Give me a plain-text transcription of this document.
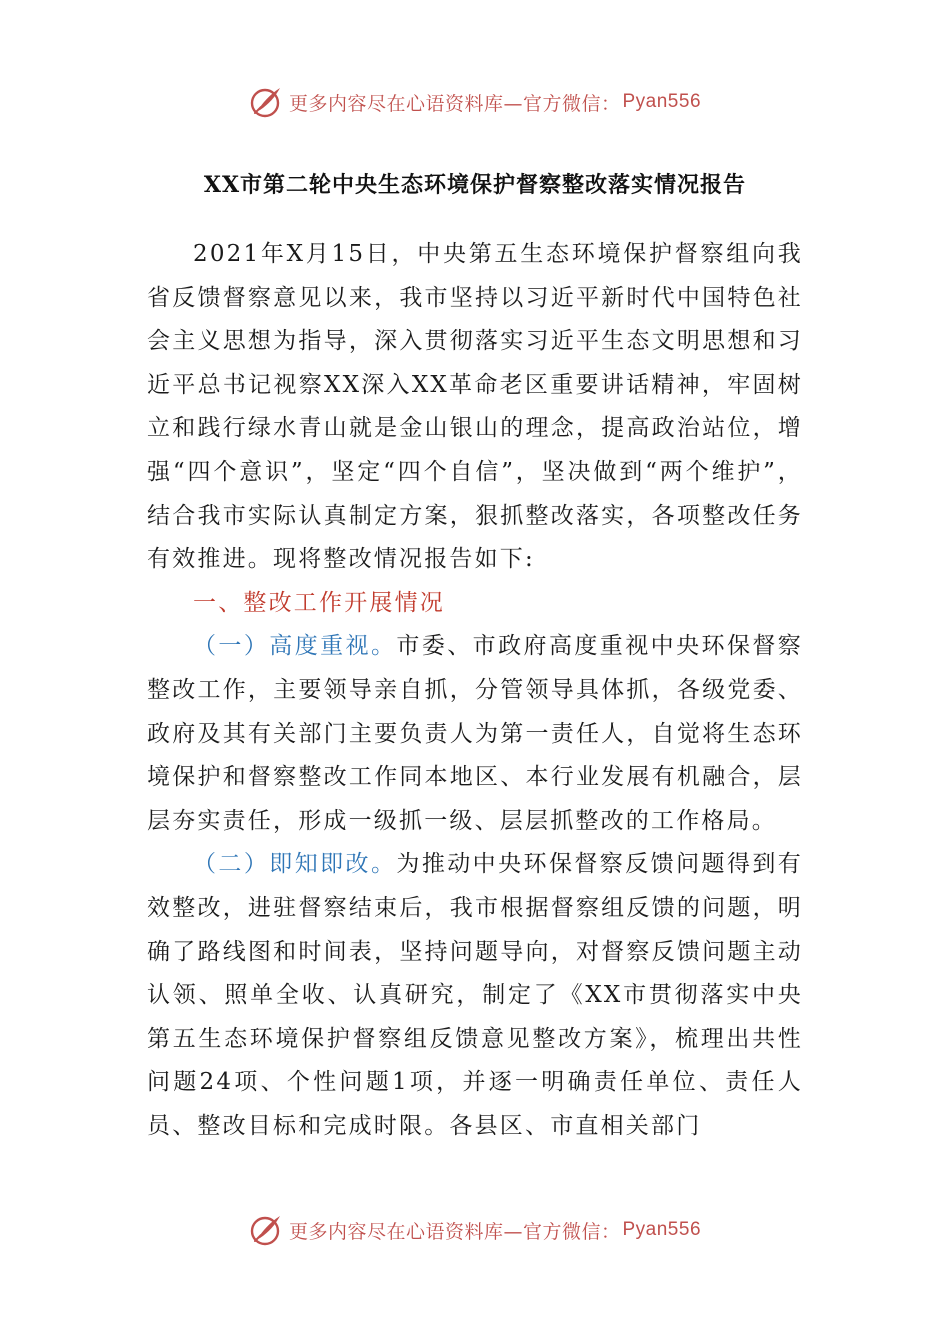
更多内容尽在心语资料库—官方微信： Pyan556
XX市第二轮中央生态环境保护督察整改落实情况报告

2021年X月15日，中央第五生态环境保护督察组向我省反馈督察意见以来，我市坚持以习近平新时代中国特色社会主义思想为指导，深入贯彻落实习近平生态文明思想和习近平总书记视察XX深入XX革命老区重要讲话精神，牢固树立和践行绿水青山就是金山银山的理念，提高政治站位，增强“四个意识”，坚定“四个自信”，坚决做到“两个维护”，结合我市实际认真制定方案，狠抓整改落实，各项整改任务有效推进。现将整改情况报告如下:

一、整改工作开展情况

（一）高度重视。市委、市政府高度重视中央环保督察整改工作，主要领导亲自抓，分管领导具体抓，各级党委、政府及其有关部门主要负责人为第一责任人，自觉将生态环境保护和督察整改工作同本地区、本行业发展有机融合，层层夯实责任，形成一级抓一级、层层抓整改的工作格局。

（二）即知即改。为推动中央环保督察反馈问题得到有效整改，进驻督察结束后，我市根据督察组反馈的问题，明确了路线图和时间表，坚持问题导向，对督察反馈问题主动认领、照单全收、认真研究，制定了《XX市贯彻落实中央第五生态环境保护督察组反馈意见整改方案》，梳理出共性问题24项、个性问题1项，并逐一明确责任单位、责任人员、整改目标和完成时限。各县区、市直相关部门

更多内容尽在心语资料库—官方微信： Pyan556
